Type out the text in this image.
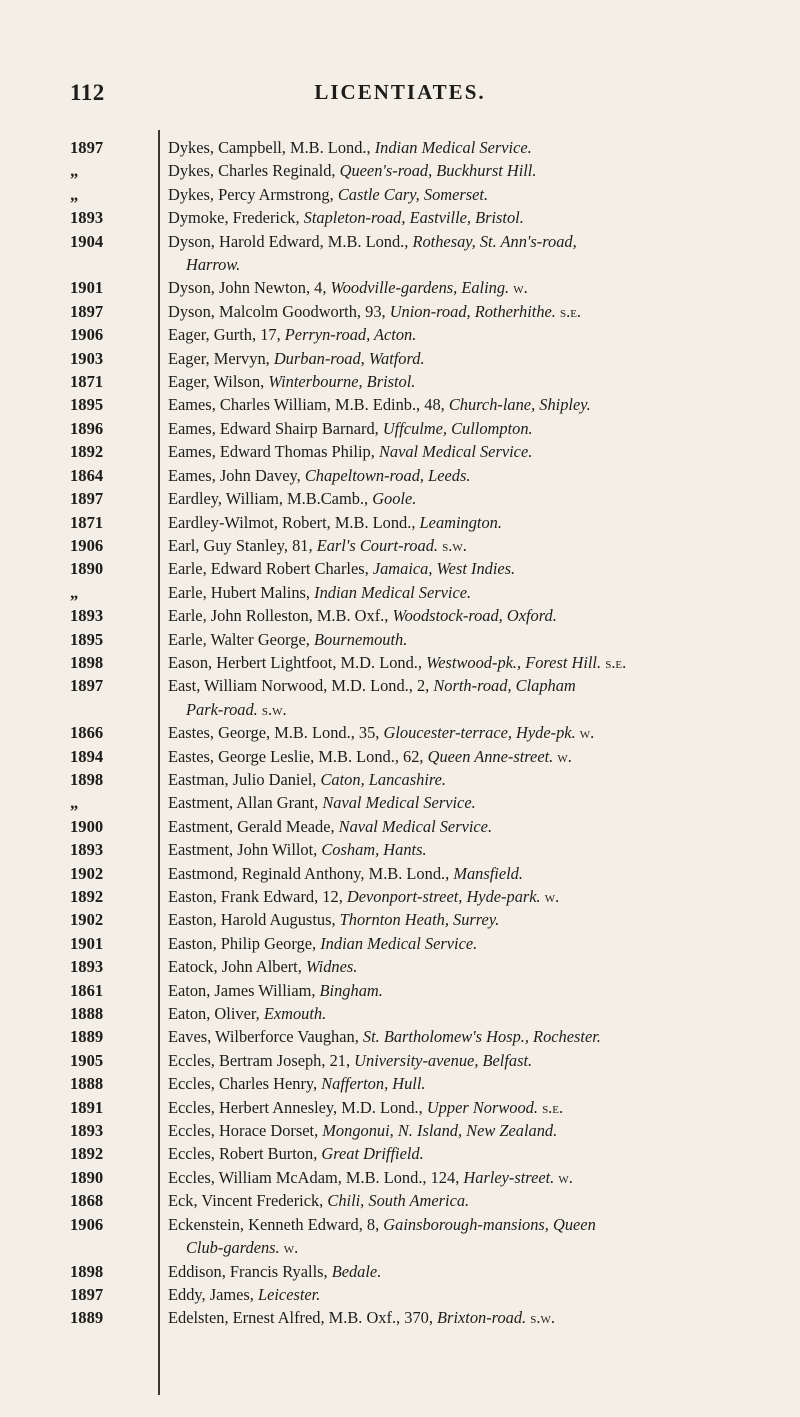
112	LICENTIATES.
1897	Dykes, Campbell, M.B. Lond., Indian Medical Service.
„	Dykes, Charles Reginald, Queen's-road, Buckhurst Hill.
„	Dykes, Percy Armstrong, Castle Cary, Somerset.
1893	Dymoke, Frederick, Stapleton-road, Eastville, Bristol.
1904	Dyson, Harold Edward, M.B. Lond., Rothesay, St. Ann's-road,
Harrow.
1901	Dyson, John Newton, 4, Woodville-gardens, Ealing. w.
1897	Dyson, Malcolm Goodworth, 93, Union-road, Rotherhithe. s.e.
1906	Eager, Gurth, 17, Perryn-road, Acton.
1903	Eager, Mervyn, Durban-road, Watford.
1871	Eager, Wilson, Winterbourne, Bristol.
1895	Eames, Charles William, M.B. Edinb., 48, Church-lane, Shipley.
1896	Eames, Edward Shairp Barnard, Uffculme, Cullompton.
1892	Eames, Edward Thomas Philip, Naval Medical Service.
1864	Eames, John Davey, Chapeltown-road, Leeds.
1897	Eardley, William, M.B.Camb., Goole.
1871	Eardley-Wilmot, Robert, M.B. Lond., Leamington.
1906	Earl, Guy Stanley, 81, Earl's Court-road. s.w.
1890	Earle, Edward Robert Charles, Jamaica, West Indies.
„	Earle, Hubert Malins, Indian Medical Service.
1893	Earle, John Rolleston, M.B. Oxf., Woodstock-road, Oxford.
1895	Earle, Walter George, Bournemouth.
1898	Eason, Herbert Lightfoot, M.D. Lond., Westwood-pk., Forest Hill. s.e.
1897	East, William Norwood, M.D. Lond., 2, North-road, Clapham
Park-road. s.w.
1866	Eastes, George, M.B. Lond., 35, Gloucester-terrace, Hyde-pk. w.
1894	Eastes, George Leslie, M.B. Lond., 62, Queen Anne-street. w.
1898	Eastman, Julio Daniel, Caton, Lancashire.
„	Eastment, Allan Grant, Naval Medical Service.
1900	Eastment, Gerald Meade, Naval Medical Service.
1893	Eastment, John Willot, Cosham, Hants.
1902	Eastmond, Reginald Anthony, M.B. Lond., Mansfield.
1892	Easton, Frank Edward, 12, Devonport-street, Hyde-park. w.
1902	Easton, Harold Augustus, Thornton Heath, Surrey.
1901	Easton, Philip George, Indian Medical Service.
1893	Eatock, John Albert, Widnes.
1861	Eaton, James William, Bingham.
1888	Eaton, Oliver, Exmouth.
1889	Eaves, Wilberforce Vaughan, St. Bartholomew's Hosp., Rochester.
1905	Eccles, Bertram Joseph, 21, University-avenue, Belfast.
1888	Eccles, Charles Henry, Nafferton, Hull.
1891	Eccles, Herbert Annesley, M.D. Lond., Upper Norwood. s.e.
1893	Eccles, Horace Dorset, Mongonui, N. Island, New Zealand.
1892	Eccles, Robert Burton, Great Driffield.
1890	Eccles, William McAdam, M.B. Lond., 124, Harley-street. w.
1868	Eck, Vincent Frederick, Chili, South America.
1906	Eckenstein, Kenneth Edward, 8, Gainsborough-mansions, Queen
Club-gardens. w.
1898	Eddison, Francis Ryalls, Bedale.
1897	Eddy, James, Leicester.
1889	Edelsten, Ernest Alfred, M.B. Oxf., 370, Brixton-road. s.w.
